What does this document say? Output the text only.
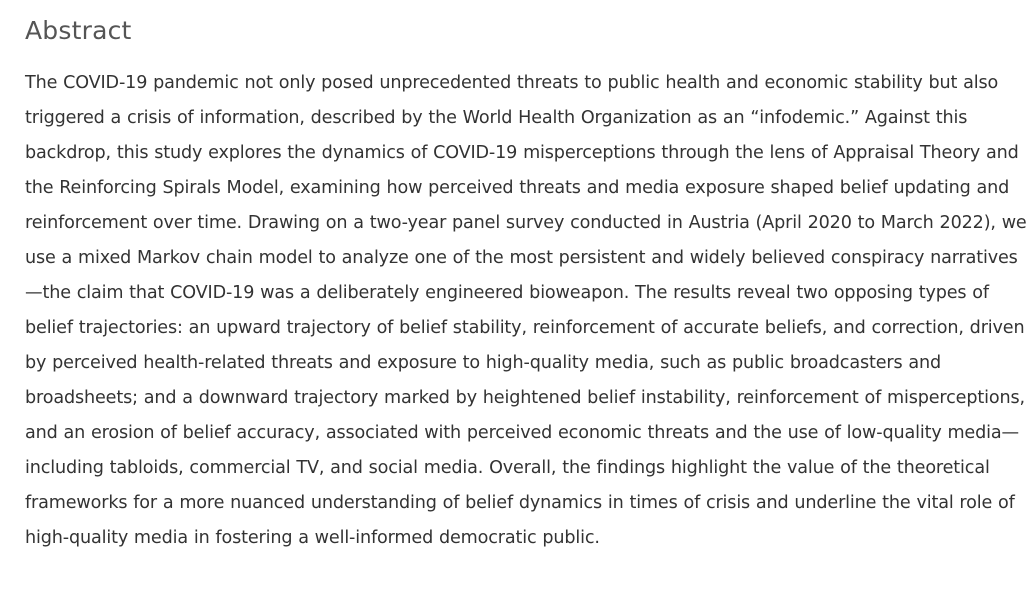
Abstract

The COVID-19 pandemic not only posed unprecedented threats to public health and economic stability but also triggered a crisis of information, described by the World Health Organization as an “infodemic.” Against this backdrop, this study explores the dynamics of COVID-19 misperceptions through the lens of Appraisal Theory and the Reinforcing Spirals Model, examining how perceived threats and media exposure shaped belief updating and reinforcement over time. Drawing on a two-year panel survey conducted in Austria (April 2020 to March 2022), we use a mixed Markov chain model to analyze one of the most persistent and widely believed conspiracy narratives—the claim that COVID-19 was a deliberately engineered bioweapon. The results reveal two opposing types of belief trajectories: an upward trajectory of belief stability, reinforcement of accurate beliefs, and correction, driven by perceived health-related threats and exposure to high-quality media, such as public broadcasters and broadsheets; and a downward trajectory marked by heightened belief instability, reinforcement of misperceptions, and an erosion of belief accuracy, associated with perceived economic threats and the use of low-quality media—including tabloids, commercial TV, and social media. Overall, the findings highlight the value of the theoretical frameworks for a more nuanced understanding of belief dynamics in times of crisis and underline the vital role of high-quality media in fostering a well-informed democratic public.
